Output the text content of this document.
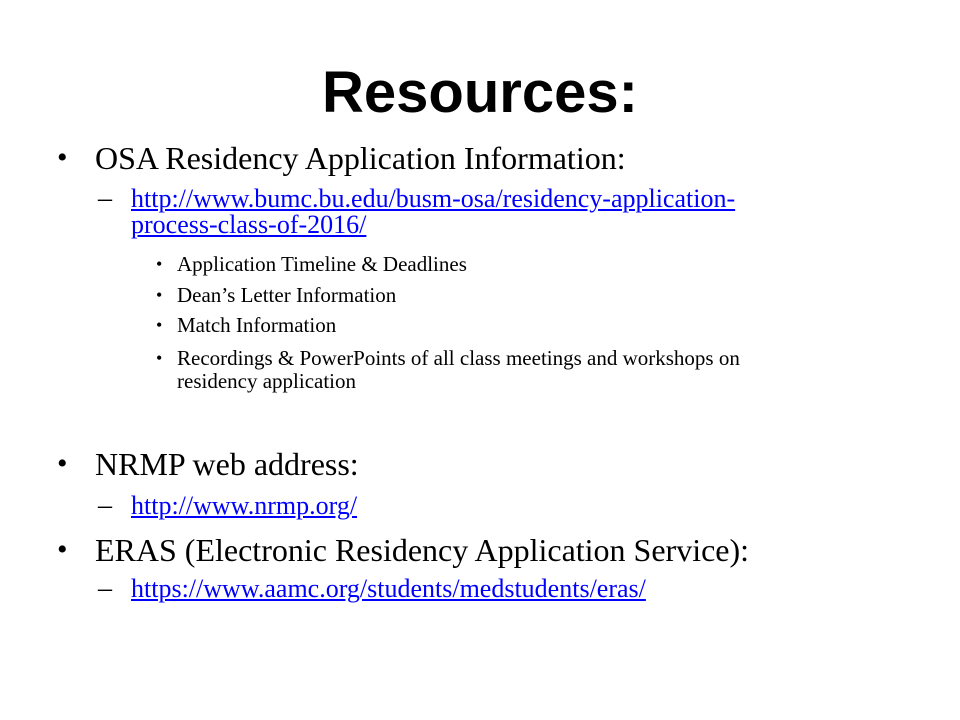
Resources:
• OSA Residency Application Information:
– http://www.bumc.bu.edu/busm-osa/residency-application-
process-class-of-2016/
• Application Timeline & Deadlines
• Dean’s Letter Information
• Match Information
• Recordings & PowerPoints of all class meetings and workshops on
residency application
• NRMP web address:
– http://www.nrmp.org/
• ERAS (Electronic Residency Application Service):
– https://www.aamc.org/students/medstudents/eras/
